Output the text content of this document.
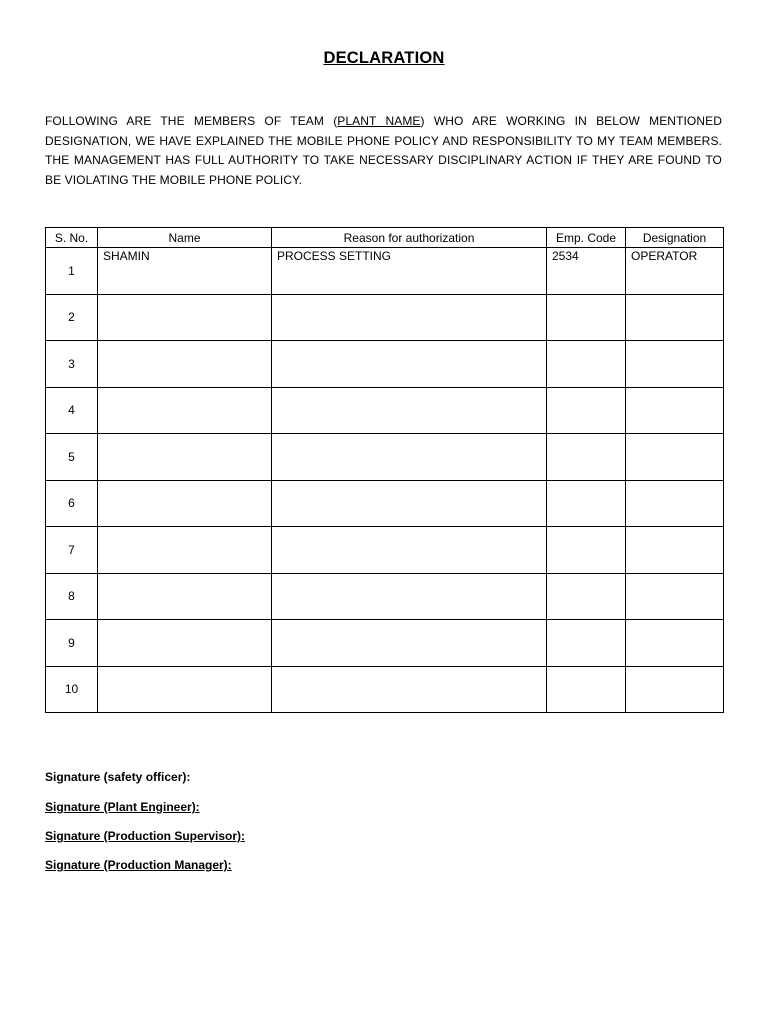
DECLARATION
FOLLOWING ARE THE MEMBERS OF TEAM (PLANT NAME) WHO ARE WORKING IN BELOW MENTIONED DESIGNATION, WE HAVE EXPLAINED THE MOBILE PHONE POLICY AND RESPONSIBILITY TO MY TEAM MEMBERS. THE MANAGEMENT HAS FULL AUTHORITY TO TAKE NECESSARY DISCIPLINARY ACTION IF THEY ARE FOUND TO BE VIOLATING THE MOBILE PHONE POLICY.
S. No.	Name	Reason for authorization	Emp. Code	Designation
1	SHAMIN	PROCESS SETTING	2534	OPERATOR

2	

3	

4	

5	

6	

7	

8	

9	

10	

Signature (safety officer):
Signature (Plant Engineer):
Signature (Production Supervisor):
Signature (Production Manager):
